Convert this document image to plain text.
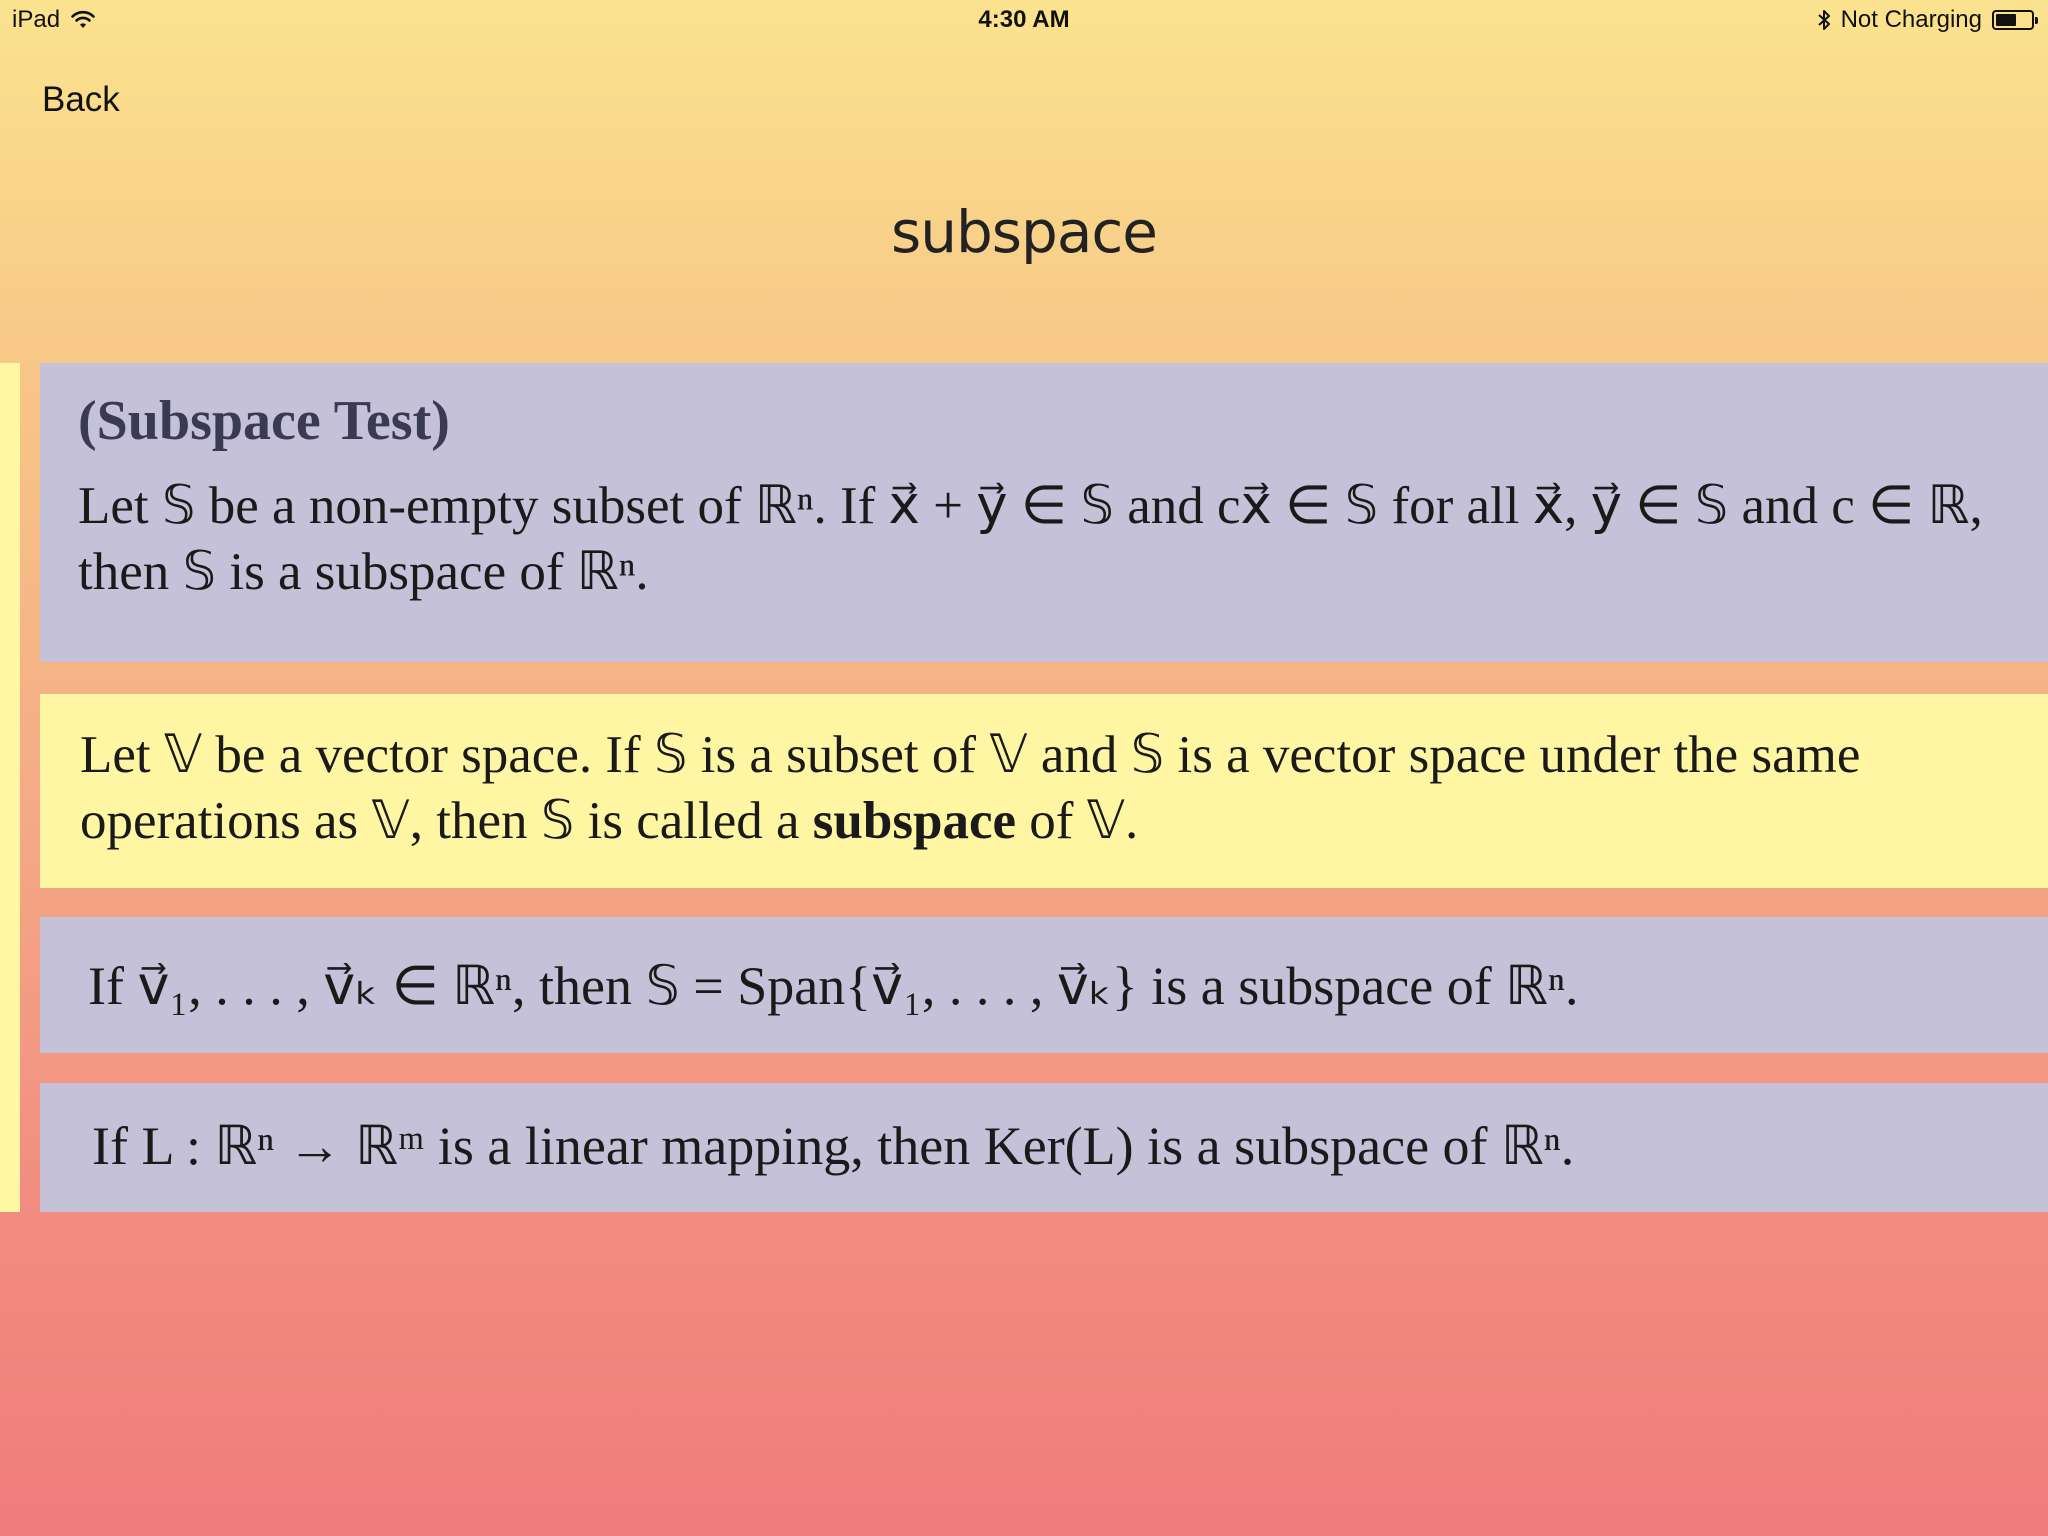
iPad	4:30 AM	Not Charging
Back
subspace
(Subspace Test)

Let 𝕊 be a non-empty subset of ℝⁿ. If x⃗ + y⃗ ∈ 𝕊 and cx⃗ ∈ 𝕊 for all x⃗, y⃗ ∈ 𝕊 and c ∈ ℝ,

then 𝕊 is a subspace of ℝⁿ.

Let 𝕍 be a vector space. If 𝕊 is a subset of 𝕍 and 𝕊 is a vector space under the same

operations as 𝕍, then 𝕊 is called a subspace of 𝕍.

If v⃗₁, . . . , v⃗ₖ ∈ ℝⁿ, then 𝕊 = Span{v⃗₁, . . . , v⃗ₖ} is a subspace of ℝⁿ.

If L : ℝⁿ → ℝᵐ is a linear mapping, then Ker(L) is a subspace of ℝⁿ.
